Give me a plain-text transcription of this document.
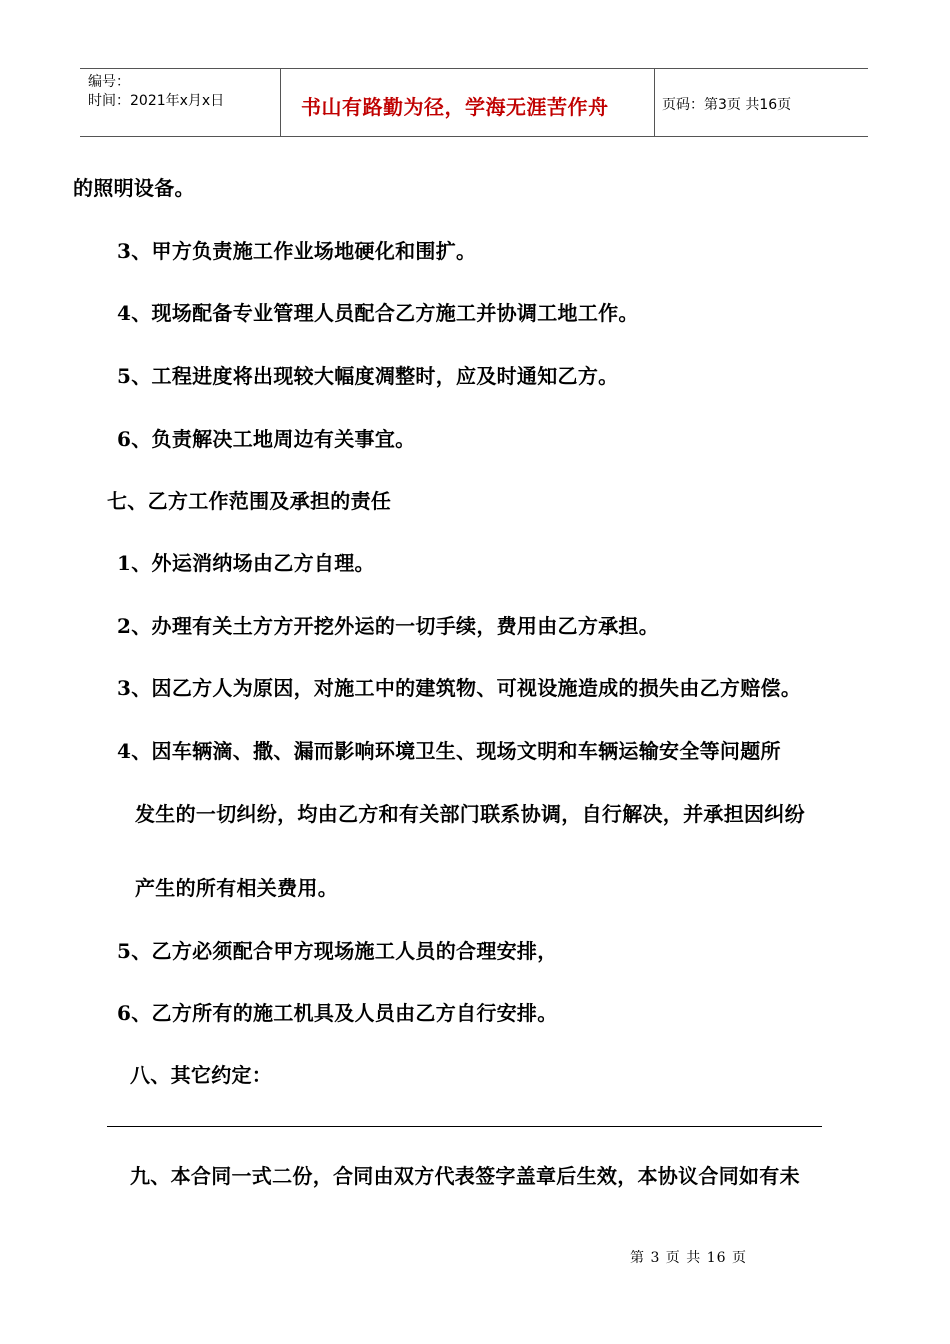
编号：
时间：2021年x月x日	书山有路勤为径，学海无涯苦作舟	页码：第3页 共16页
的照明设备。
3、甲方负责施工作业场地硬化和围扩。
4、现场配备专业管理人员配合乙方施工并协调工地工作。
5、工程进度将出现较大幅度凋整时，应及时通知乙方。
6、负责解决工地周边有关事宜。
七、乙方工作范围及承担的责任
1、外运消纳场由乙方自理。
2、办理有关土方方开挖外运的一切手续，费用由乙方承担。
3、因乙方人为原因，对施工中的建筑物、可视设施造成的损失由乙方赔偿。
4、因车辆滴、撒、漏而影响环境卫生、现场文明和车辆运输安全等问题所
发生的一切纠纷，均由乙方和有关部门联系协调，自行解决，并承担因纠纷
产生的所有相关费用。
5、乙方必须配合甲方现场施工人员的合理安排，
6、乙方所有的施工机具及人员由乙方自行安排。
八、其它约定：
九、本合同一式二份，合同由双方代表签字盖章后生效，本协议合同如有未
第 3 页 共 16 页
